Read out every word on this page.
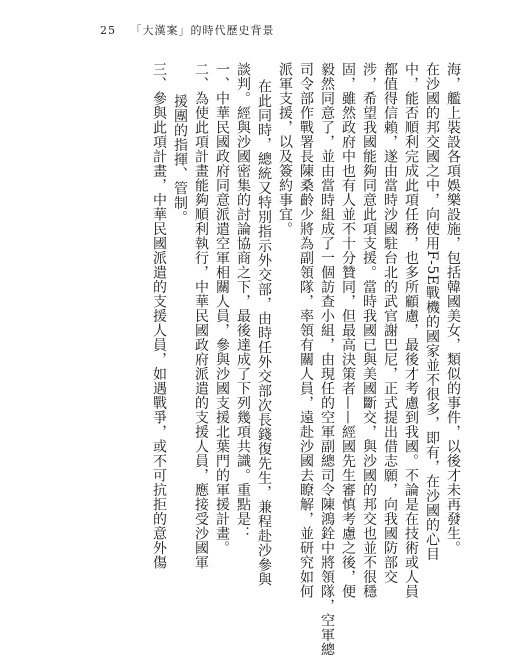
25 「大漢案」的時代歷史背景
海，艦上裝設各項娛樂設施，包括韓國美女，類似的事件，以後才未再發生。
在沙國的邦交國之中，向使用F-5E戰機的國家並不很多，即有，在沙國的心目
中，能否順利完成此項任務，也多所顧慮，最後才考慮到我國。不論是在技術或人員
都值得信賴，遂由當時沙國駐台北的武官謝巴尼，正式提出借志願，向我國防部交
涉，希望我國能夠同意此項支援。當時我國已與美國斷交，與沙國的邦交也並不很穩
固，雖然政府中也有人並不十分贊同，但最高決策者——經國先生審慎考慮之後，便
毅然同意了，並由當時組成了一個訪查小組，由現任的空軍副總司令陳鴻銓中將領隊，空軍總
司令部作戰署長陳桑齡少將為副領隊，率領有關人員，遠赴沙國去瞭解，並研究如何
派軍支援，以及簽約事宜。
在此同時，總統又特別指示外交部，由時任外交部次長錢復先生，兼程赴沙參與
談判。經與沙國密集的討論協商之下，最後達成了下列幾項共識。重點是：
一、中華民國政府同意派遣空軍相關人員，參與沙國支援北葉門的軍援計畫。
二、為使此項計畫能夠順利執行，中華民國政府派遣的支援人員，應接受沙國軍
援團的指揮、管制。
三、參與此項計畫，中華民國派遣的支援人員，如遇戰爭，或不可抗拒的意外傷
